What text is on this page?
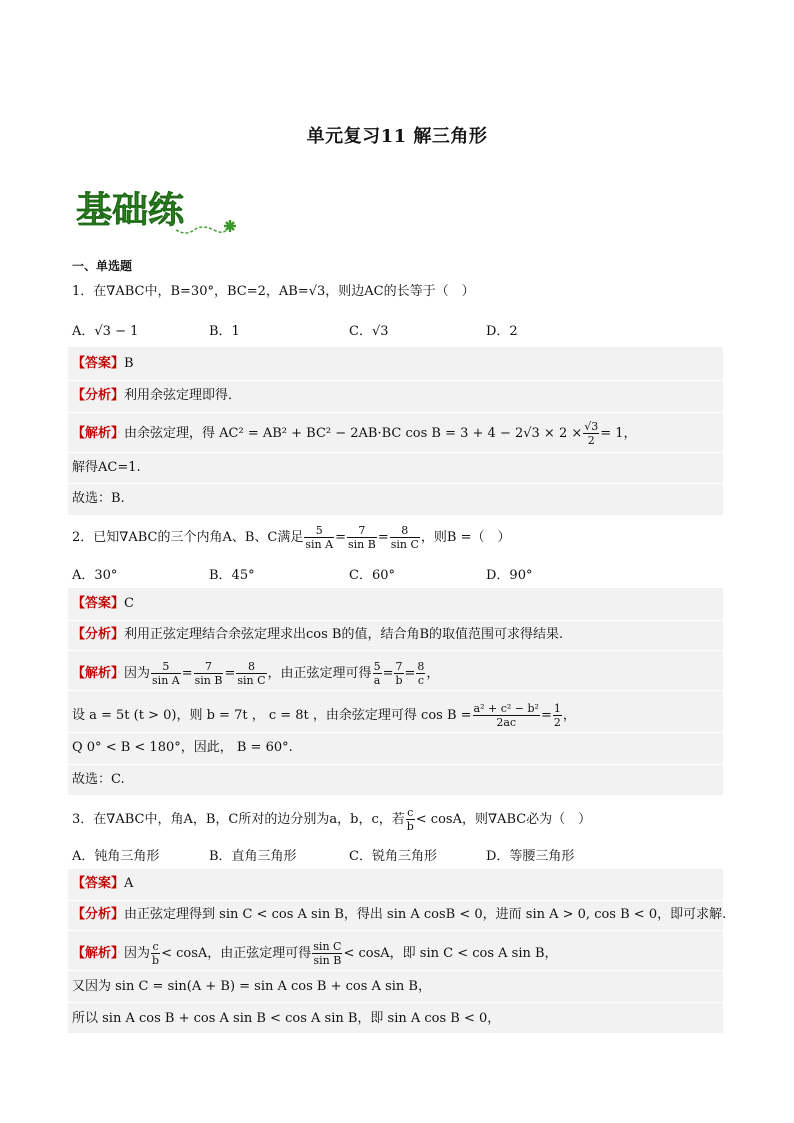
单元复习11 解三角形
基础练
一、单选题
1．在∇ABC中，B=30°，BC=2，AB=√3，则边AC的长等于（　）
A．√3 − 1	B．1	C．√3	D．2
【答案】B
【分析】利用余弦定理即得．
【解析】由余弦定理，得 AC² = AB² + BC² − 2AB·BC $\cos B = 3 + 4 - 2√3 \times 2 \times \frac{√3}{2} = 1$，
解得AC=1.
故选：B.
2．已知∇ABC的三个内角A、B、C满足 $\frac{5}{\text{sin A}} = \frac{7}{\text{sin B}} = \frac{8}{\text{sin C}}$ ，则B =（　）
A．30°	B．45°	C．60°	D．90°
【答案】C
【分析】利用正弦定理结合余弦定理求出cos B的值，结合角B的取值范围可求得结果.
【解析】因为 $\frac{5}{\text{sin A}} = \frac{7}{\text{sin B}} = \frac{8}{\text{sin C}}$ ，由正弦定理可得 $\frac{5}{a} = \frac{7}{b} = \frac{8}{c}$ ，
设 a = 5t (t > 0)，则 b = 7t ， c = 8t ，由余弦定理可得 $\cos B = \frac{\text{a² + c² − b²}}{2ac} = \frac{1}{2}$ ，
Q 0° < B < 180°，因此， B = 60°.
故选：C.
3．在∇ABC中，角A，B，C所对的边分别为a，b，c，若 $\frac{c}{b} < \cos A$，则∇ABC必为（　）
A．钝角三角形	B．直角三角形	C．锐角三角形	D．等腰三角形
【答案】A
【分析】由正弦定理得到 sin C < cos A sin B，得出 sin A cosB < 0，进而 sin A > 0, cos B < 0，即可求解.
【解析】因为 $\frac{c}{b} < \cos A$，由正弦定理可得 $\frac{\text{sin C}}{\text{sin B}} < \cos A$，即 sin C < cos A sin B，
又因为 sin C = sin(A + B) = sin A cos B + cos A sin B，
所以 sin A cos B + cos A sin B < cos A sin B，即 sin A cos B < 0，
